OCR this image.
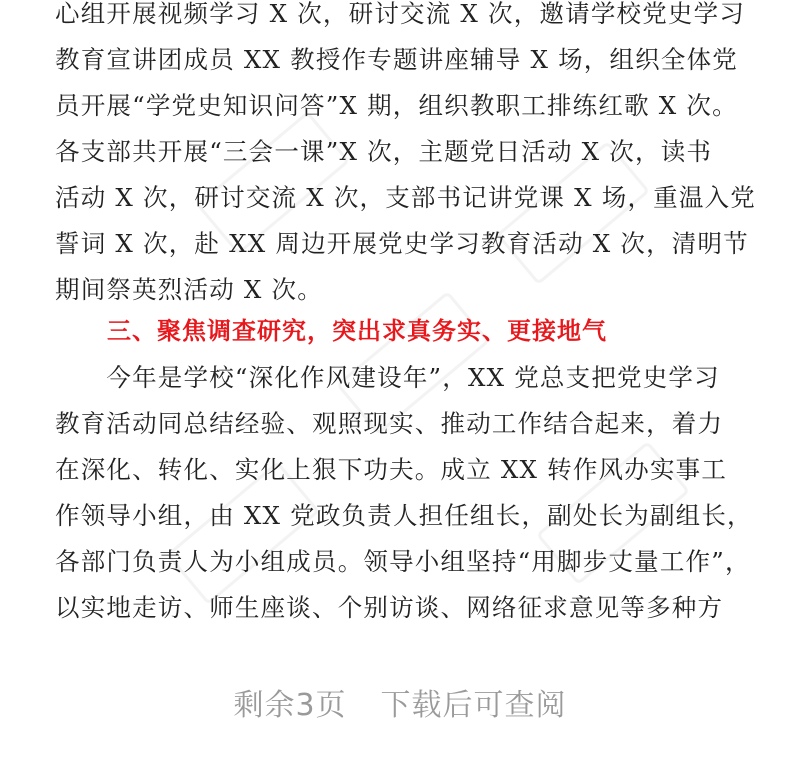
心组开展视频学习 X 次，研讨交流 X 次，邀请学校党史学习
教育宣讲团成员 XX 教授作专题讲座辅导 X 场，组织全体党
员开展“学党史知识问答”X 期，组织教职工排练红歌 X 次。
各支部共开展“三会一课”X 次，主题党日活动 X 次，读书
活动 X 次，研讨交流 X 次，支部书记讲党课 X 场，重温入党
誓词 X 次，赴 XX 周边开展党史学习教育活动 X 次，清明节
期间祭英烈活动 X 次。
三、聚焦调查研究，突出求真务实、更接地气
　　今年是学校“深化作风建设年”，XX 党总支把党史学习
教育活动同总结经验、观照现实、推动工作结合起来，着力
在深化、转化、实化上狠下功夫。成立 XX 转作风办实事工
作领导小组，由 XX 党政负责人担任组长，副处长为副组长，
各部门负责人为小组成员。领导小组坚持“用脚步丈量工作”，
以实地走访、师生座谈、个别访谈、网络征求意见等多种方
剩余3页 下载后可查阅
